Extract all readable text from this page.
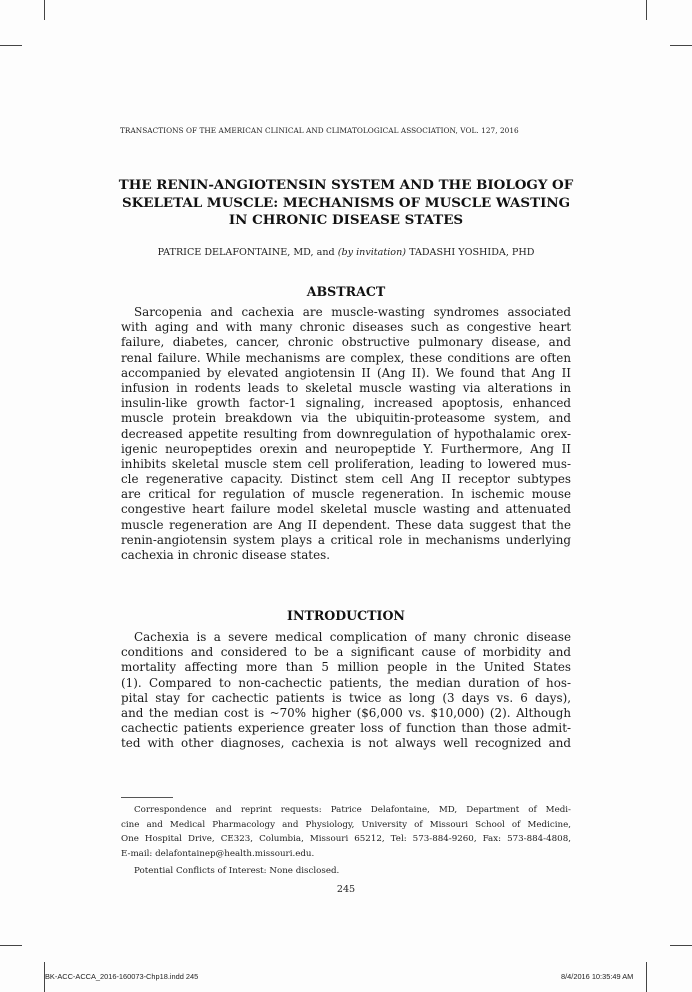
TRANSACTIONS OF THE AMERICAN CLINICAL AND CLIMATOLOGICAL ASSOCIATION, VOL. 127, 2016
THE RENIN-ANGIOTENSIN SYSTEM AND THE BIOLOGY OF
SKELETAL MUSCLE: MECHANISMS OF MUSCLE WASTING
IN CHRONIC DISEASE STATES
PATRICE DELAFONTAINE, MD, and (by invitation) TADASHI YOSHIDA, PHD
ABSTRACT
Sarcopenia and cachexia are muscle-wasting syndromes associated
with aging and with many chronic diseases such as congestive heart
failure, diabetes, cancer, chronic obstructive pulmonary disease, and
renal failure. While mechanisms are complex, these conditions are often
accompanied by elevated angiotensin II (Ang II). We found that Ang II
infusion in rodents leads to skeletal muscle wasting via alterations in
insulin-like growth factor-1 signaling, increased apoptosis, enhanced
muscle protein breakdown via the ubiquitin-proteasome system, and
decreased appetite resulting from downregulation of hypothalamic orex-
igenic neuropeptides orexin and neuropeptide Y. Furthermore, Ang II
inhibits skeletal muscle stem cell proliferation, leading to lowered mus-
cle regenerative capacity. Distinct stem cell Ang II receptor subtypes
are critical for regulation of muscle regeneration. In ischemic mouse
congestive heart failure model skeletal muscle wasting and attenuated
muscle regeneration are Ang II dependent. These data suggest that the
renin-angiotensin system plays a critical role in mechanisms underlying
cachexia in chronic disease states.
INTRODUCTION
Cachexia is a severe medical complication of many chronic disease
conditions and considered to be a significant cause of morbidity and
mortality affecting more than 5 million people in the United States
(1). Compared to non-cachectic patients, the median duration of hos-
pital stay for cachectic patients is twice as long (3 days vs. 6 days),
and the median cost is ~70% higher ($6,000 vs. $10,000) (2). Although
cachectic patients experience greater loss of function than those admit-
ted with other diagnoses, cachexia is not always well recognized and
Correspondence and reprint requests: Patrice Delafontaine, MD, Department of Medi-
cine and Medical Pharmacology and Physiology, University of Missouri School of Medicine,
One Hospital Drive, CE323, Columbia, Missouri 65212, Tel: 573-884-9260, Fax: 573-884-4808,
E-mail: delafontainep@health.missouri.edu.
Potential Conflicts of Interest: None disclosed.
245
BK-ACC-ACCA_2016-160073-Chp18.indd 245	8/4/2016 10:35:49 AM
